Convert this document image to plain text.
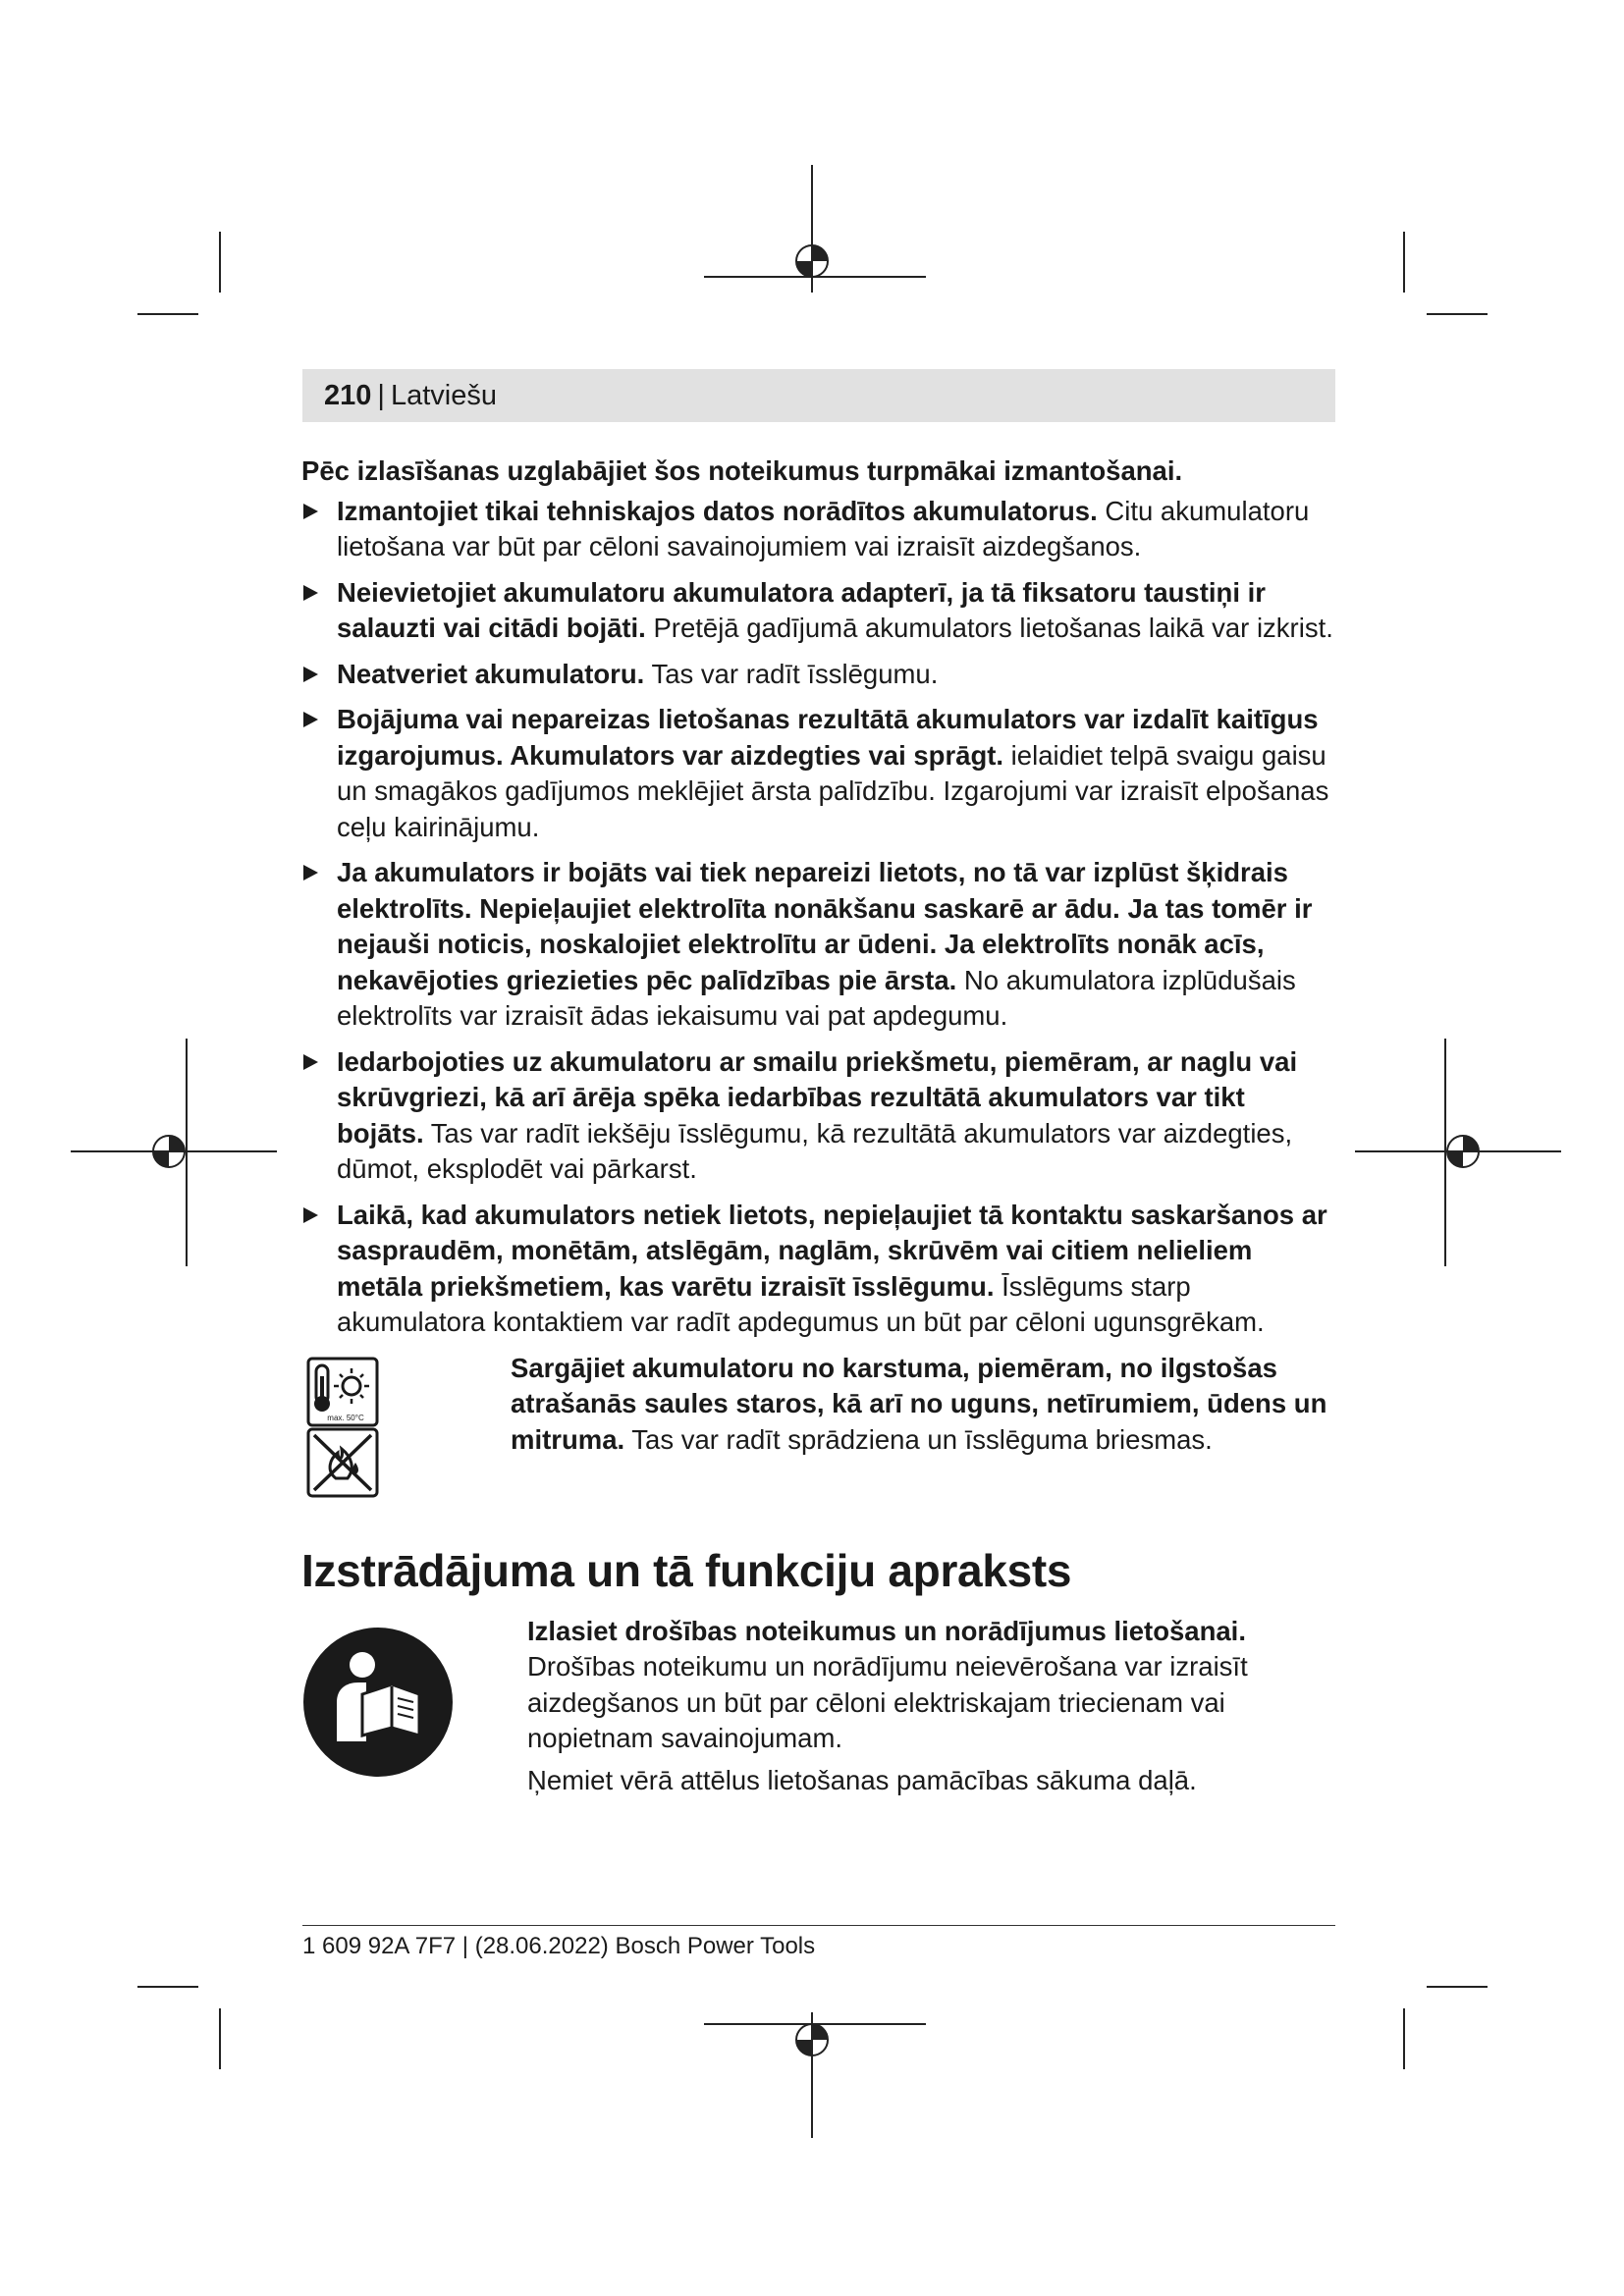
210 | Latviešu
Pēc izlasīšanas uzglabājiet šos noteikumus turpmākai izmantošanai.
Izmantojiet tikai tehniskajos datos norādītos akumulatorus. Citu akumulatoru lietošana var būt par cēloni savainojumiem vai izraisīt aizdegšanos.
Neievietojiet akumulatoru akumulatora adapterī, ja tā fiksatoru taustiņi ir salauzti vai citādi bojāti. Pretējā gadījumā akumulators lietošanas laikā var izkrist.
Neatveriet akumulatoru. Tas var radīt īsslēgumu.
Bojājuma vai nepareizas lietošanas rezultātā akumulators var izdalīt kaitīgus izgarojumus. Akumulators var aizdegties vai sprāgt. ielaidiet telpā svaigu gaisu un smagākos gadījumos meklējiet ārsta palīdzību. Izgarojumi var izraisīt elpošanas ceļu kairinājumu.
Ja akumulators ir bojāts vai tiek nepareizi lietots, no tā var izplūst šķidrais elektrolīts. Nepieļaujiet elektrolīta nonākšanu saskarē ar ādu. Ja tas tomēr ir nejauši noticis, noskalojiet elektrolītu ar ūdeni. Ja elektrolīts nonāk acīs, nekavējoties griezieties pēc palīdzības pie ārsta. No akumulatora izplūdušais elektrolīts var izraisīt ādas iekaisumu vai pat apdegumu.
Iedarbojoties uz akumulatoru ar smailu priekšmetu, piemēram, ar naglu vai skrūvgriezi, kā arī ārēja spēka iedarbības rezultātā akumulators var tikt bojāts. Tas var radīt iekšēju īsslēgumu, kā rezultātā akumulators var aizdegties, dūmot, eksplodēt vai pārkarst.
Laikā, kad akumulators netiek lietots, nepieļaujiet tā kontaktu saskaršanos ar saspraudēm, monētām, atslēgām, naglām, skrūvēm vai citiem nelieliem metāla priekšmetiem, kas varētu izraisīt īsslēgumu. Īsslēgums starp akumulatora kontaktiem var radīt apdegumus un būt par cēloni ugunsgrēkam.
max. 50°C
Sargājiet akumulatoru no karstuma, piemēram, no ilgstošas atrašanās saules staros, kā arī no uguns, netīrumiem, ūdens un mitruma. Tas var radīt sprādziena un īsslēguma briesmas.
Izstrādājuma un tā funkciju apraksts
Izlasiet drošības noteikumus un norādījumus lietošanai. Drošības noteikumu un norādījumu neievērošana var izraisīt aizdegšanos un būt par cēloni elektriskajam triecienam vai nopietnam savainojumam.
Ņemiet vērā attēlus lietošanas pamācības sākuma daļā.
1 609 92A 7F7 | (28.06.2022) Bosch Power Tools
